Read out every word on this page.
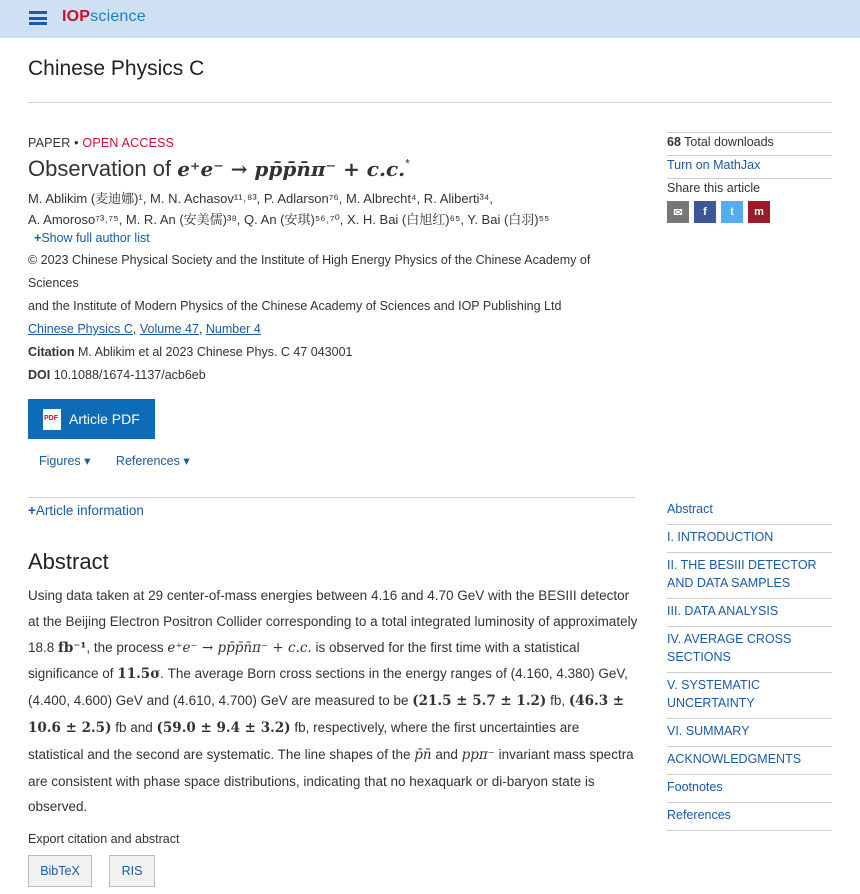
IOPscience
Chinese Physics C
PAPER • OPEN ACCESS
Observation of e⁺e⁻ → pp̄p̄n̄π⁻ + c.c.*
M. Ablikim (麦迪娜)¹, M. N. Achasov¹¹˒⁸³, P. Adlarson⁷⁶, M. Albrecht⁴, R. Aliberti³⁴,
A. Amoroso⁷³˒⁷⁵, M. R. An (安美儒)³⁸, Q. An (安琪)⁵⁶˒⁷⁰, X. H. Bai (白旭红)⁶⁵, Y. Bai (白羽)⁵⁵
+Show full author list
© 2023 Chinese Physical Society and the Institute of High Energy Physics of the Chinese Academy of Sciences
and the Institute of Modern Physics of the Chinese Academy of Sciences and IOP Publishing Ltd
Chinese Physics C, Volume 47, Number 4
Citation M. Ablikim et al 2023 Chinese Phys. C 47 043001
DOI 10.1088/1674-1137/acb6eb
PDF
Article PDF
Figures ▾ References ▾
+Article information
Abstract
Using data taken at 29 center-of-mass energies between 4.16 and 4.70 GeV with the BESIII detector at the Beijing Electron Positron Collider corresponding to a total integrated luminosity of approximately 18.8 fb⁻¹, the process e⁺e⁻ → pp̄p̄n̄π⁻ + c.c. is observed for the first time with a statistical significance of 11.5σ. The average Born cross sections in the energy ranges of (4.160, 4.380) GeV, (4.400, 4.600) GeV and (4.610, 4.700) GeV are measured to be (21.5 ± 5.7 ± 1.2) fb, (46.3 ± 10.6 ± 2.5) fb and (59.0 ± 9.4 ± 3.2) fb, respectively, where the first uncertainties are statistical and the second are systematic. The line shapes of the p̄n̄ and ppπ⁻ invariant mass spectra are consistent with phase space distributions, indicating that no hexaquark or di-baryon state is observed.
Export citation and abstract
BibTeX	RIS
68 Total downloads
Turn on MathJax
Share this article
✉	f	t	m
Abstract
I. INTRODUCTION
II. THE BESIII DETECTOR AND DATA SAMPLES
III. DATA ANALYSIS
IV. AVERAGE CROSS SECTIONS
V. SYSTEMATIC UNCERTAINTY
VI. SUMMARY
ACKNOWLEDGMENTS
Footnotes
References
